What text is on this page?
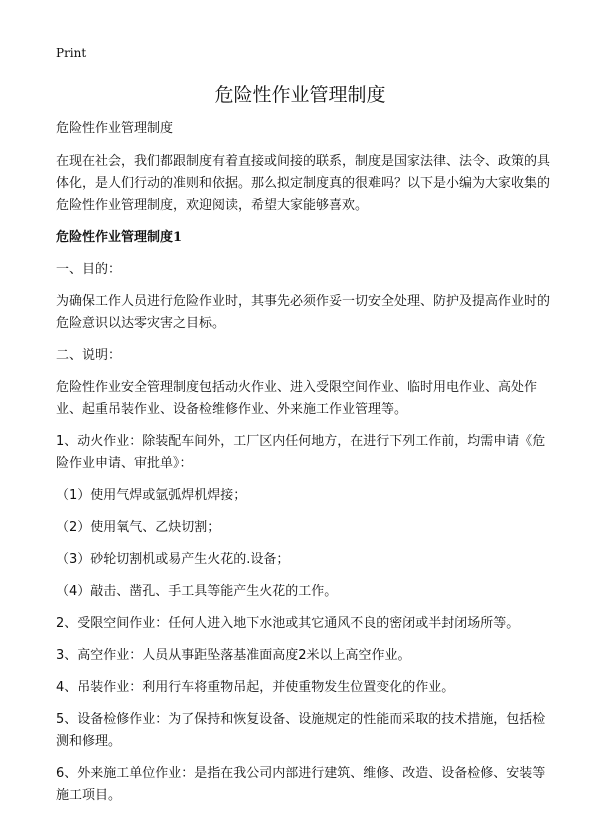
Print
危险性作业管理制度

危险性作业管理制度

在现在社会，我们都跟制度有着直接或间接的联系，制度是国家法律、法令、政策的具体化，是人们行动的准则和依据。那么拟定制度真的很难吗？以下是小编为大家收集的危险性作业管理制度，欢迎阅读，希望大家能够喜欢。

危险性作业管理制度1

一、目的：

为确保工作人员进行危险作业时，其事先必须作妥一切安全处理、防护及提高作业时的危险意识以达零灾害之目标。

二、说明：

危险性作业安全管理制度包括动火作业、进入受限空间作业、临时用电作业、高处作业、起重吊装作业、设备检维修作业、外来施工作业管理等。

1、动火作业：除装配车间外，工厂区内任何地方，在进行下列工作前，均需申请《危险作业申请、审批单》：

（1）使用气焊或氩弧焊机焊接；

（2）使用氧气、乙炔切割；

（3）砂轮切割机或易产生火花的.设备；

（4）敲击、凿孔、手工具等能产生火花的工作。

2、受限空间作业：任何人进入地下水池或其它通风不良的密闭或半封闭场所等。

3、高空作业：人员从事距坠落基准面高度2米以上高空作业。

4、吊装作业：利用行车将重物吊起，并使重物发生位置变化的作业。

5、设备检修作业：为了保持和恢复设备、设施规定的性能而采取的技术措施，包括检测和修理。

6、外来施工单位作业：是指在我公司内部进行建筑、维修、改造、设备检修、安装等施工项目。
